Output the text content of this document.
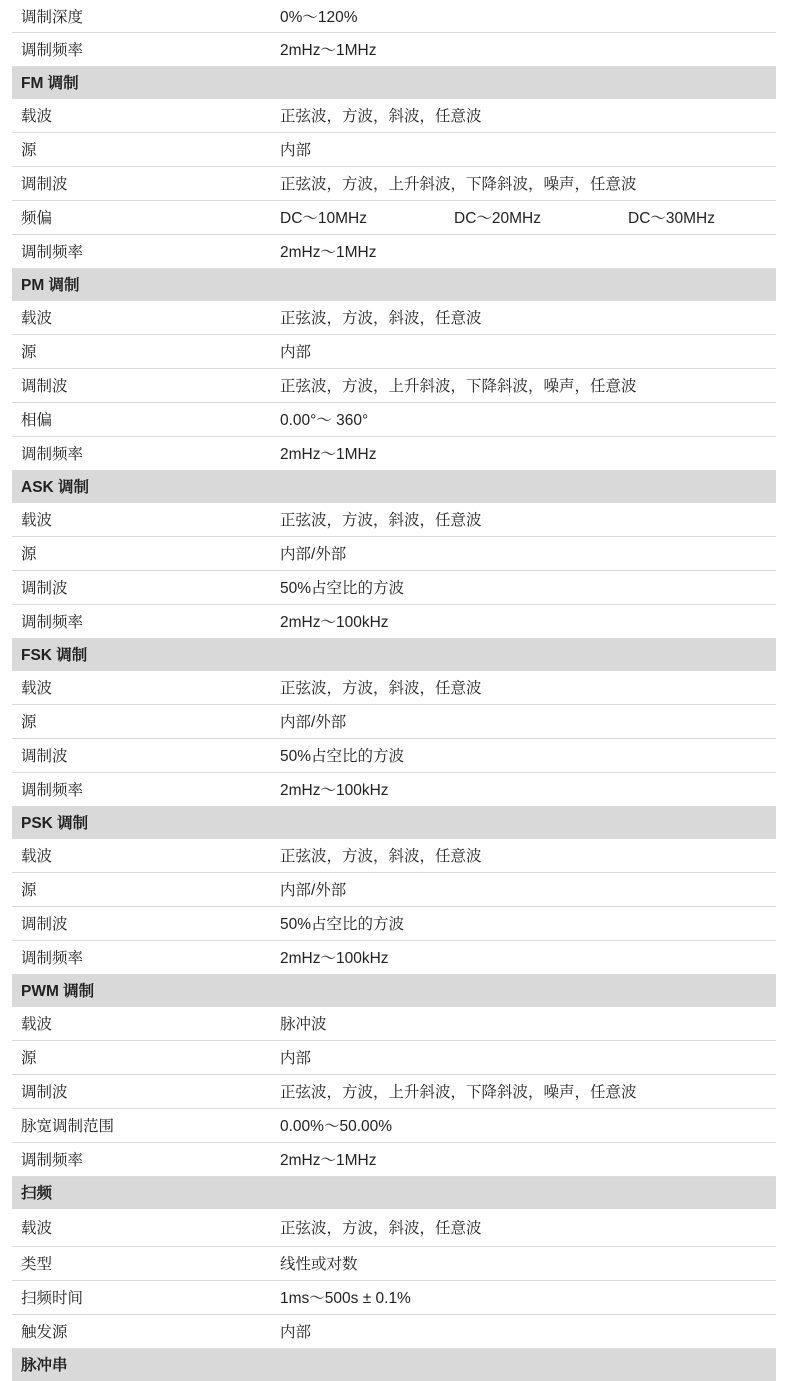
调制深度	0%～120%
调制频率	2mHz～1MHz
FM 调制	
载波	正弦波，方波，斜波，任意波
源	内部
调制波	正弦波，方波，上升斜波，下降斜波，噪声，任意波
频偏	DC～10MHz DC～20MHz DC～30MHz
调制频率	2mHz～1MHz
PM 调制	
载波	正弦波，方波，斜波，任意波
源	内部
调制波	正弦波，方波，上升斜波，下降斜波，噪声，任意波
相偏	0.00°～ 360°
调制频率	2mHz～1MHz
ASK 调制	
载波	正弦波，方波，斜波，任意波
源	内部/外部
调制波	50%占空比的方波
调制频率	2mHz～100kHz
FSK 调制	
载波	正弦波，方波，斜波，任意波
源	内部/外部
调制波	50%占空比的方波
调制频率	2mHz～100kHz
PSK 调制	
载波	正弦波，方波，斜波，任意波
源	内部/外部
调制波	50%占空比的方波
调制频率	2mHz～100kHz
PWM 调制	
载波	脉冲波
源	内部
调制波	正弦波，方波，上升斜波，下降斜波，噪声，任意波
脉宽调制范围	0.00%～50.00%
调制频率	2mHz～1MHz
扫频	
载波	正弦波，方波，斜波，任意波
类型	线性或对数
扫频时间	1ms～500s ± 0.1%
触发源	内部
脉冲串	
